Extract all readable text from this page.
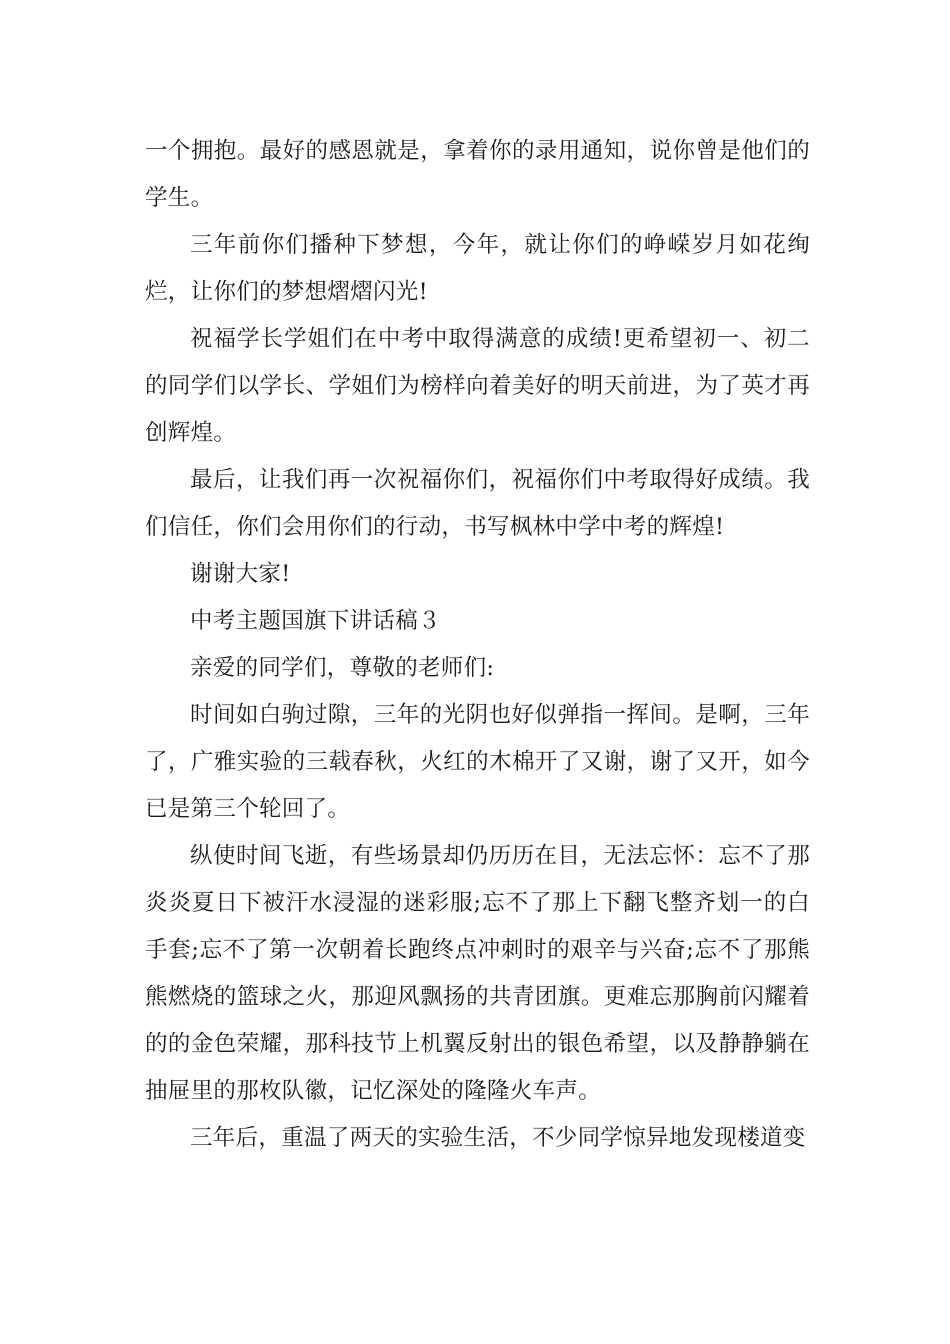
一个拥抱。最好的感恩就是，拿着你的录用通知，说你曾是他们的学生。

三年前你们播种下梦想，今年，就让你们的峥嵘岁月如花绚烂，让你们的梦想熠熠闪光!

祝福学长学姐们在中考中取得满意的成绩!更希望初一、初二的同学们以学长、学姐们为榜样向着美好的明天前进，为了英才再创辉煌。

最后，让我们再一次祝福你们，祝福你们中考取得好成绩。我们信任，你们会用你们的行动，书写枫林中学中考的辉煌!

谢谢大家!

中考主题国旗下讲话稿３

亲爱的同学们，尊敬的老师们:

时间如白驹过隙，三年的光阴也好似弹指一挥间。是啊，三年了，广雅实验的三载春秋，火红的木棉开了又谢，谢了又开，如今已是第三个轮回了。

纵使时间飞逝，有些场景却仍历历在目，无法忘怀：忘不了那炎炎夏日下被汗水浸湿的迷彩服;忘不了那上下翻飞整齐划一的白手套;忘不了第一次朝着长跑终点冲刺时的艰辛与兴奋;忘不了那熊熊燃烧的篮球之火，那迎风飘扬的共青团旗。更难忘那胸前闪耀着的的金色荣耀，那科技节上机翼反射出的银色希望，以及静静躺在抽屉里的那枚队徽，记忆深处的隆隆火车声。

三年后，重温了两天的实验生活，不少同学惊异地发现楼道变
